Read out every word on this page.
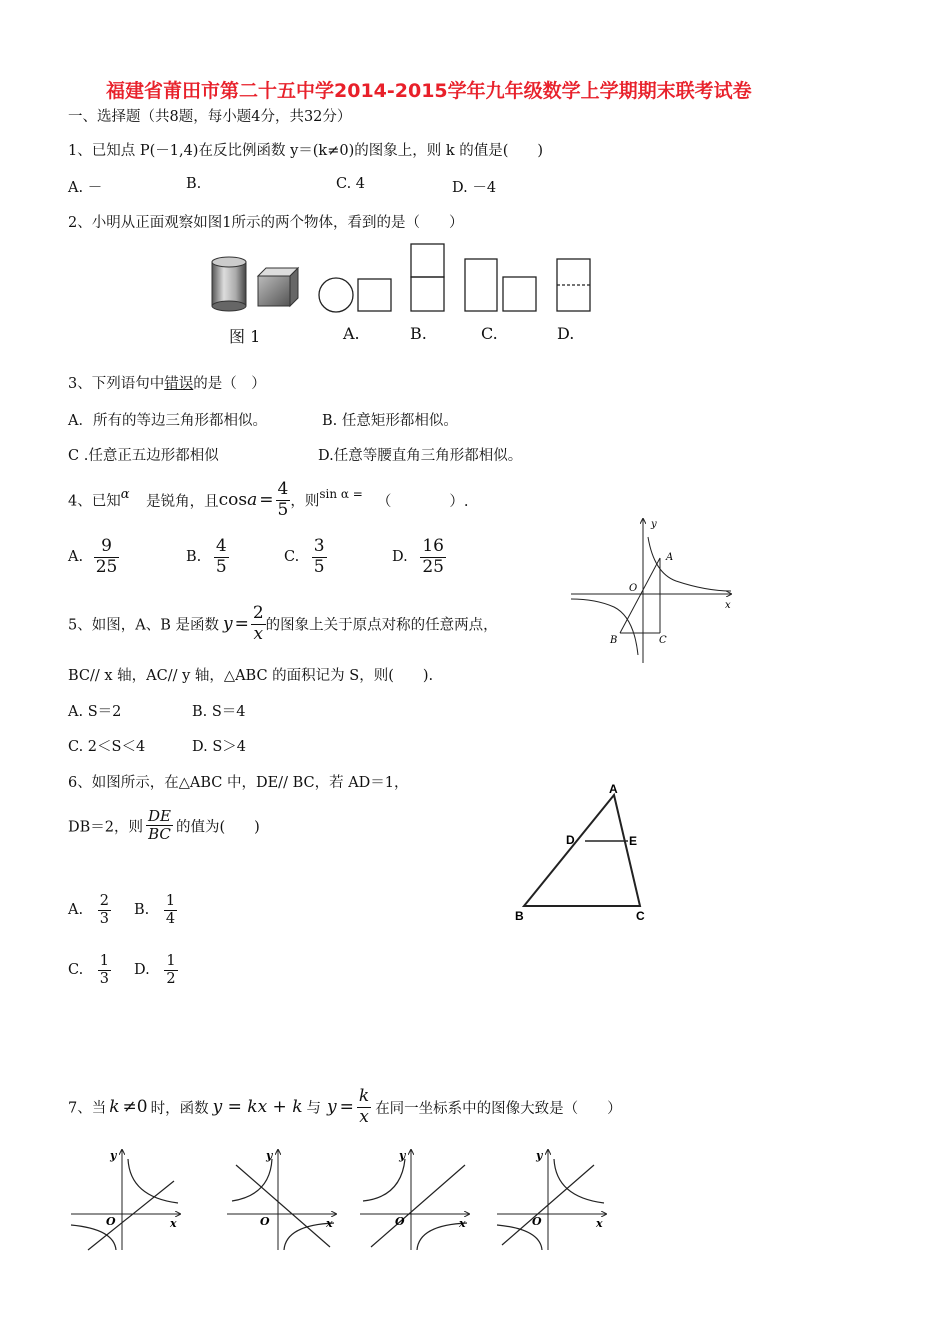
福建省莆田市第二十五中学2014-2015学年九年级数学上学期期末联考试卷
一、选择题（共8题，每小题4分，共32分）
1、已知点 P(－1,4)在反比例函数 y＝(k≠0)的图象上，则 k 的值是(　　)
A. －	B.	C. 4	D. －4
2、小明从正面观察如图1所示的两个物体，看到的是（　　）
图 1	A.	B.	C.	D.
3、下列语句中错误的是（　）
A．所有的等边三角形都相似。	B. 任意矩形都相似。
C .任意正五边形都相似	D.任意等腰直角三角形都相似。
4、已知α 是锐角，且$\cos a = \frac{4}{5}$ ，则$^{sin \alpha =}$ （　　　　）.
A. $\frac{9}{25}$	B. $\frac{4}{5}$	C. $\frac{3}{5}$	D. $\frac{16}{25}$
y
x
O
A
B	C
5、如图，A、B 是函数 $y = \frac{2}{x}$ 的图象上关于原点对称的任意两点，
BC// x 轴，AC// y 轴，△ABC 的面积记为 S，则(　　).
A. S＝2	B. S＝4
C. 2＜S＜4	D. S＞4
6、如图所示，在△ABC 中，DE// BC，若 AD＝1，
DB＝2，则 $\frac{DE}{BC}$ 的值为(　　)
A
B	C
D	E
A. $\frac{2}{3} B$. $\frac{1}{4}$
C. $\frac{1}{3} D$. $\frac{1}{2}$
7、当 k ≠0 时，函数 y = kx + k 与 $y = \frac{k}{x}$ 在同一坐标系中的图像大致是（　　）
y
x
O
y
x
O
y
x
O
y
x
O
